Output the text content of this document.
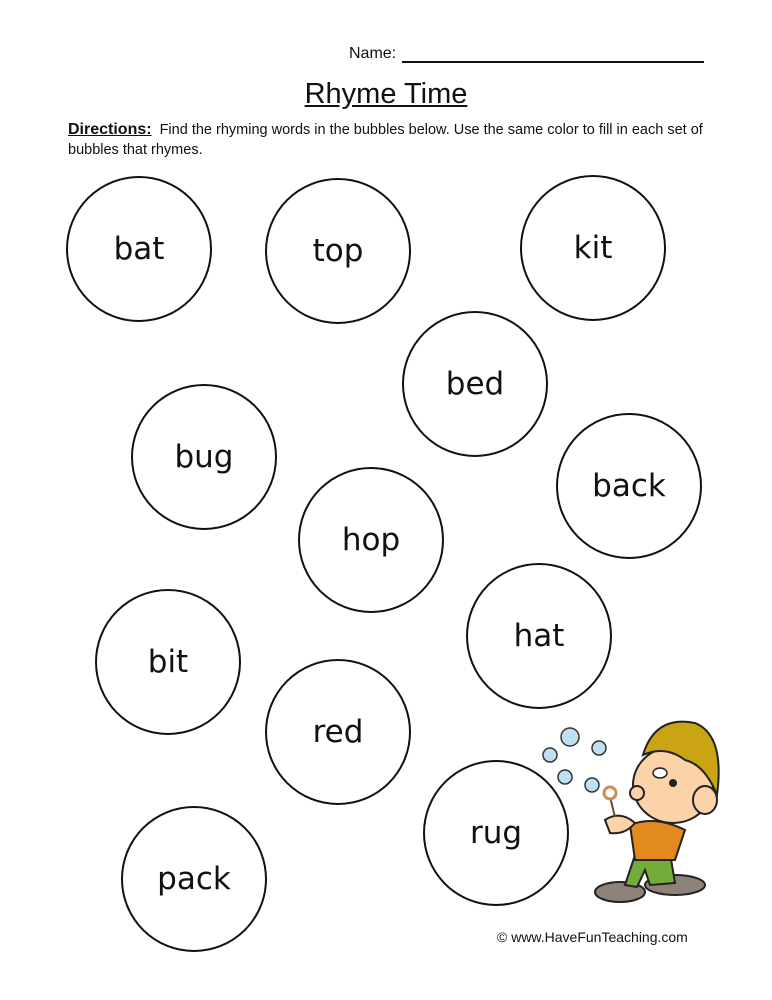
Name:
Rhyme Time
Directions: Find the rhyming words in the bubbles below. Use the same color to fill in each set of bubbles that rhymes.
bat	top	kit
bed
bug
back
hop
hat
bit
red
rug
pack
© www.HaveFunTeaching.com
